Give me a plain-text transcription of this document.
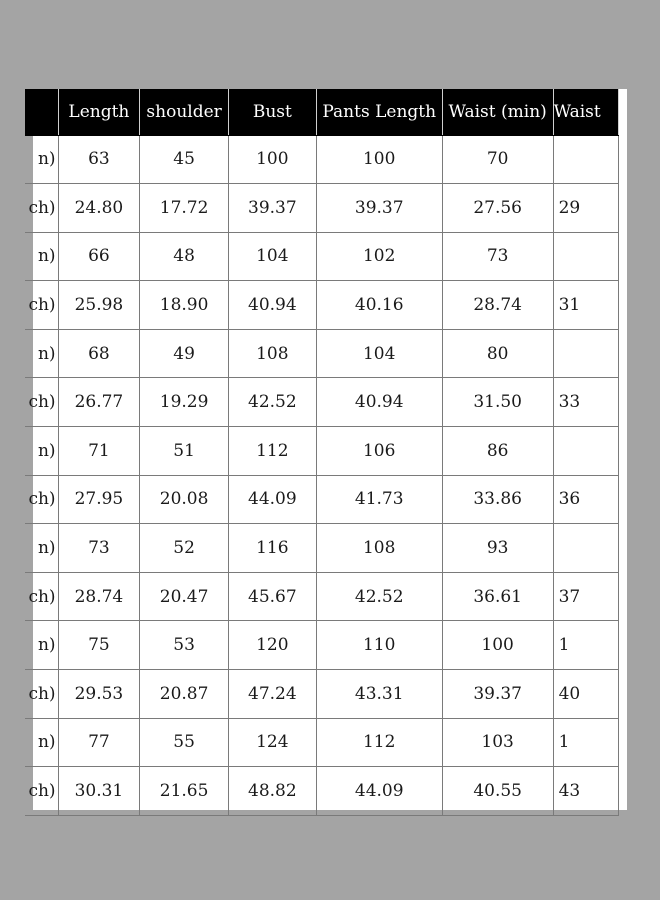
	Length	shoulder	Bust	Pants Length	Waist (min)	Waist
n)	63	45	100	100	70	
ch)	24.80	17.72	39.37	39.37	27.56	29
n)	66	48	104	102	73	
ch)	25.98	18.90	40.94	40.16	28.74	31
n)	68	49	108	104	80	
ch)	26.77	19.29	42.52	40.94	31.50	33
n)	71	51	112	106	86	
ch)	27.95	20.08	44.09	41.73	33.86	36
n)	73	52	116	108	93	
ch)	28.74	20.47	45.67	42.52	36.61	37
n)	75	53	120	110	100	1
ch)	29.53	20.87	47.24	43.31	39.37	40
n)	77	55	124	112	103	1
ch)	30.31	21.65	48.82	44.09	40.55	43
